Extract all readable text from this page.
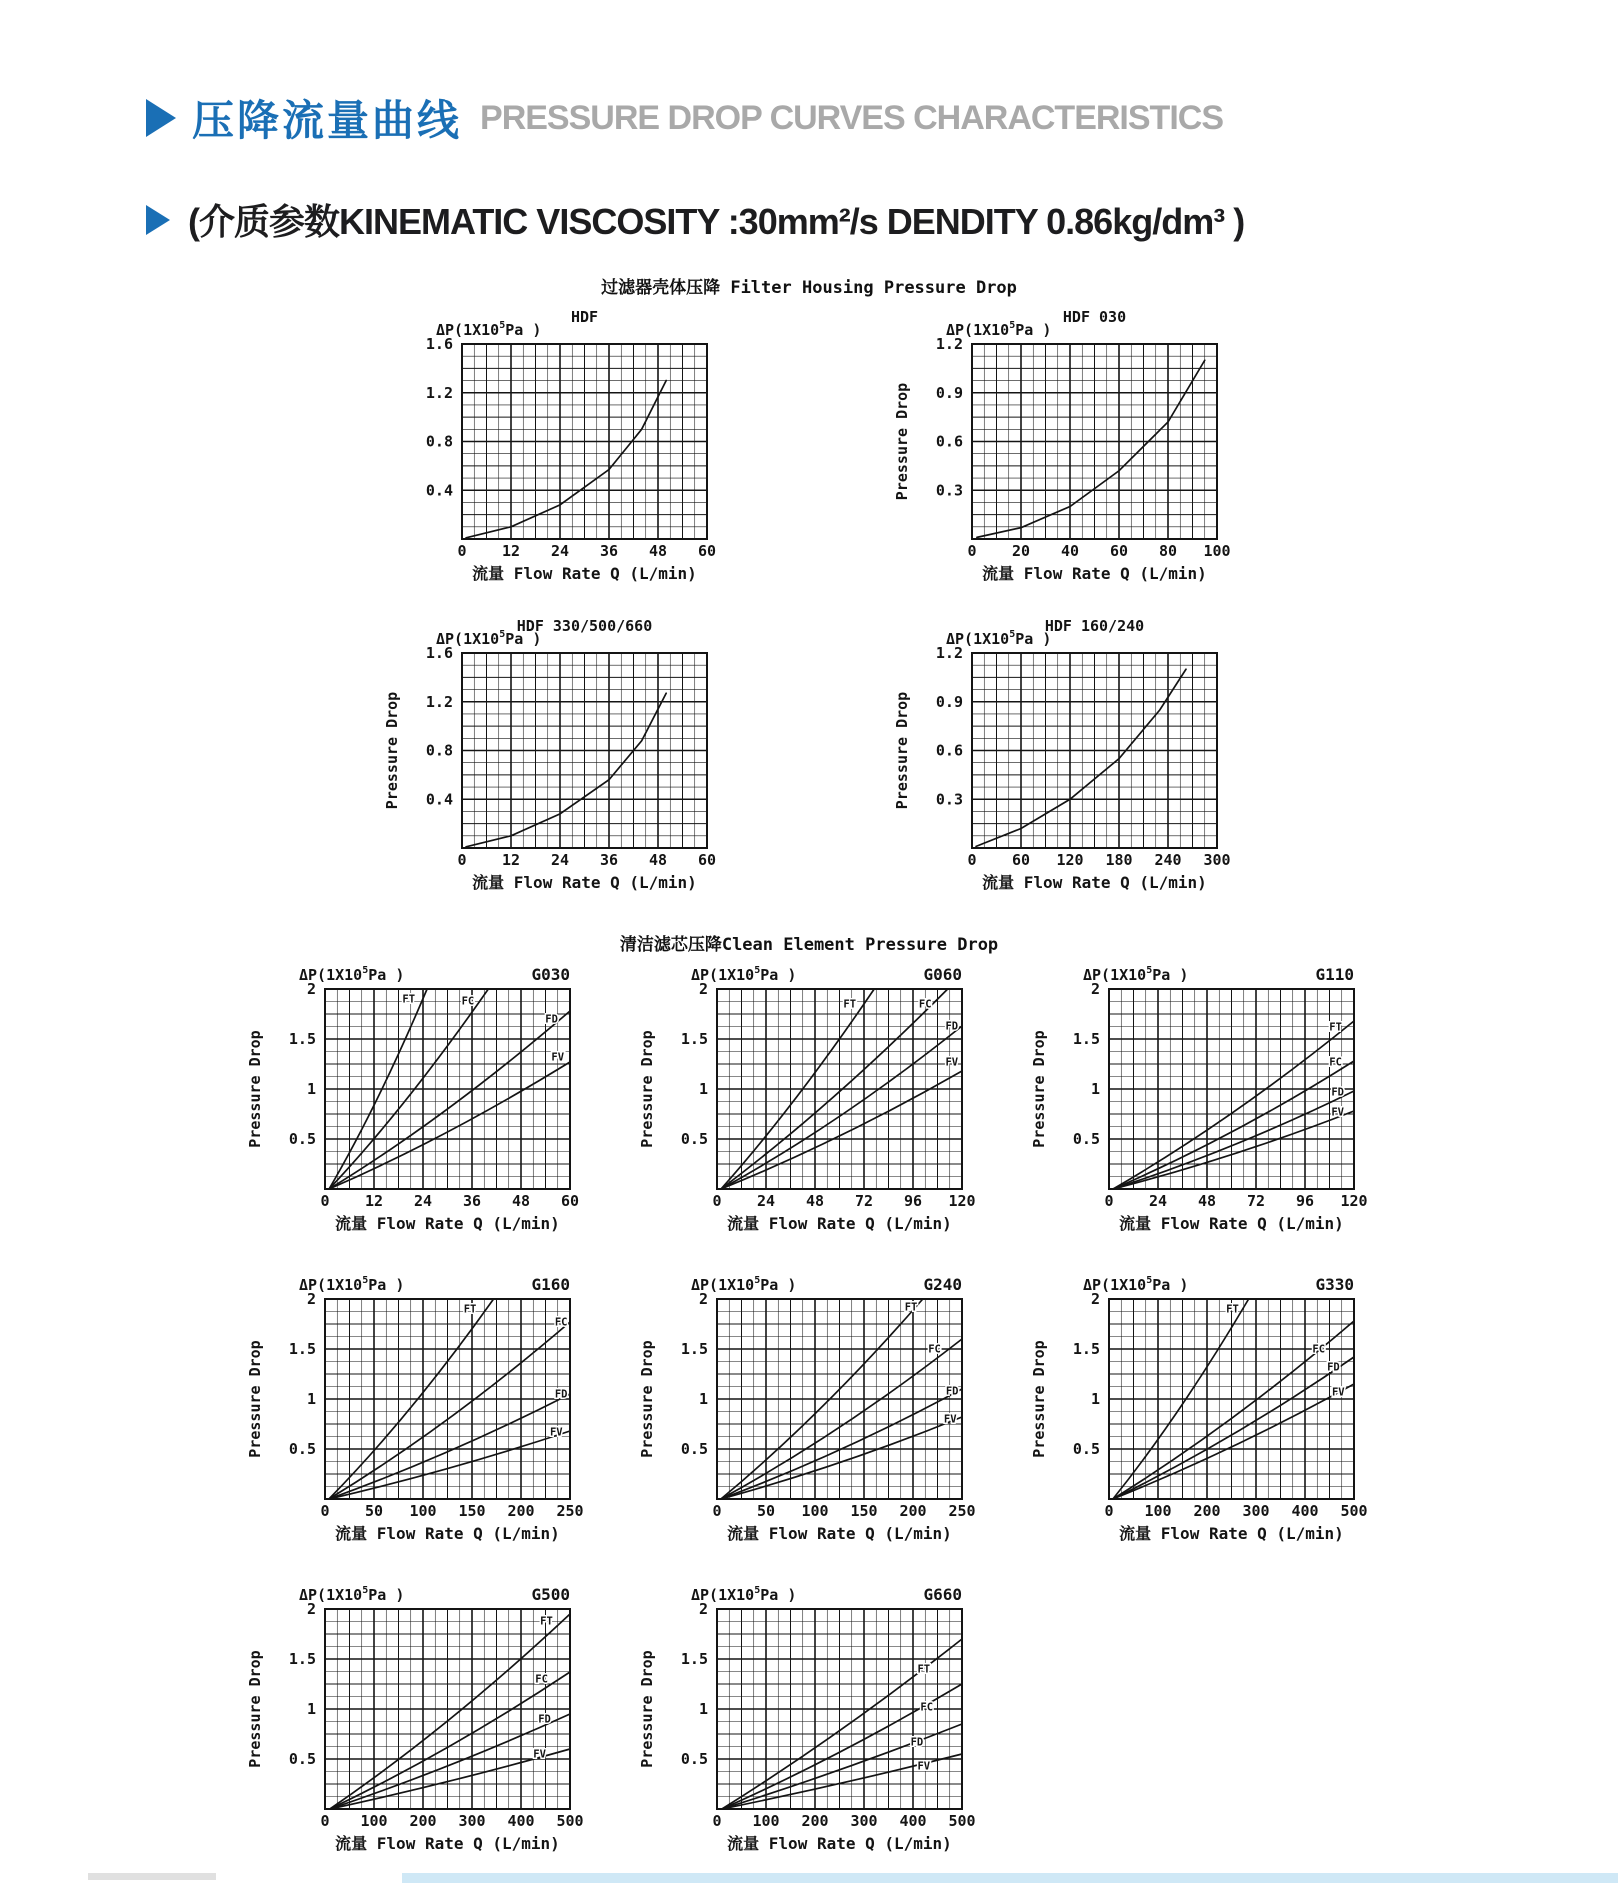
压降流量曲线 PRESSURE DROP CURVES CHARACTERISTICS
(介质参数KINEMATIC VISCOSITY :30mm²/s DENDITY 0.86kg/dm³ )
过滤器壳体压降 Filter Housing Pressure Drop
HDF
$\Delta P(1X10^5Pa$ )
0.4
0.8
1.2
1.6
0 12 24 36 48 60
流量 Flow Rate Q (L/min)
HDF 030
$\Delta P(1X10^5Pa$ )
Pressure Drop 0.3
0.6
0.9
1.2
0 20 40 60 80 100
流量 Flow Rate Q (L/min)
HDF 330/500/660
$\Delta P(1X10^5Pa$ )
Pressure Drop 0.4
0.8
1.2
1.6
0 12 24 36 48 60
流量 Flow Rate Q (L/min)
HDF 160/240
$\Delta P(1X10^5Pa$ )
Pressure Drop 0.3
0.6
0.9
1.2
0 60 120 180 240 300
流量 Flow Rate Q (L/min)
清洁滤芯压降Clean Element Pressure Drop
G030
$\Delta P(1X10^5Pa$ )
Pressure Drop 0.5
1
1.5
2
0 12 24 36 48 60
流量 Flow Rate Q (L/min)
FT	FC
FD
FV
G060
$\Delta P(1X10^5Pa$ )
Pressure Drop 0.5
1
1.5
2
0 24 48 72 96 120
流量 Flow Rate Q (L/min)
FT	FC
FD
FV
G110
$\Delta P(1X10^5Pa$ )
Pressure Drop 0.5
1
1.5
2
0 24 48 72 96 120
流量 Flow Rate Q (L/min)
FT
FC
FD
FV
G160
$\Delta P(1X10^5Pa$ )
Pressure Drop 0.5
1
1.5
2
0 50 100 150 200 250
流量 Flow Rate Q (L/min)
FT
FC
FD
FV
G240
$\Delta P(1X10^5Pa$ )
Pressure Drop 0.5
1
1.5
2
0 50 100 150 200 250
流量 Flow Rate Q (L/min)
FT
FC
FD
FV
G330
$\Delta P(1X10^5Pa$ )
Pressure Drop 0.5
1
1.5
2
0 100 200 300 400 500
流量 Flow Rate Q (L/min)
FT
FC
FD
FV
G500
$\Delta P(1X10^5Pa$ )
Pressure Drop 0.5
1
1.5
2
0 100 200 300 400 500
流量 Flow Rate Q (L/min)
FT
FC
FD
FV
G660
$\Delta P(1X10^5Pa$ )
Pressure Drop 0.5
1
1.5
2
0 100 200 300 400 500
流量 Flow Rate Q (L/min)
FT
FC
FD
FV
